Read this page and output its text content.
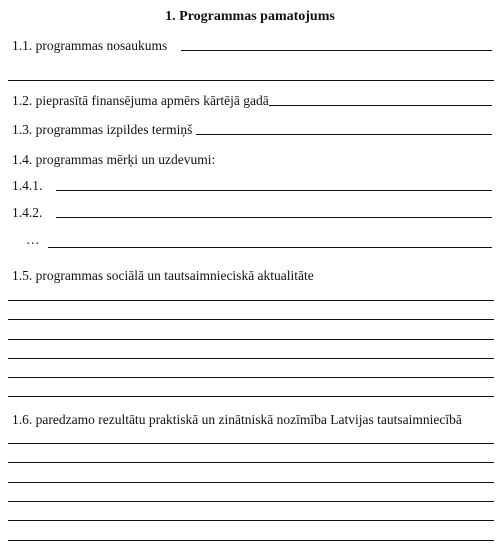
1. Programmas pamatojums
1.1. programmas nosaukums
1.2. pieprasītā finansējuma apmērs kārtējā gadā
1.3. programmas izpildes termiņš
1.4. programmas mērķi un uzdevumi:
1.4.1.
1.4.2.
…
1.5. programmas sociālā un tautsaimnieciskā aktualitāte
1.6. paredzamo rezultātu praktiskā un zinātniskā nozīmība Latvijas tautsaimniecībā
